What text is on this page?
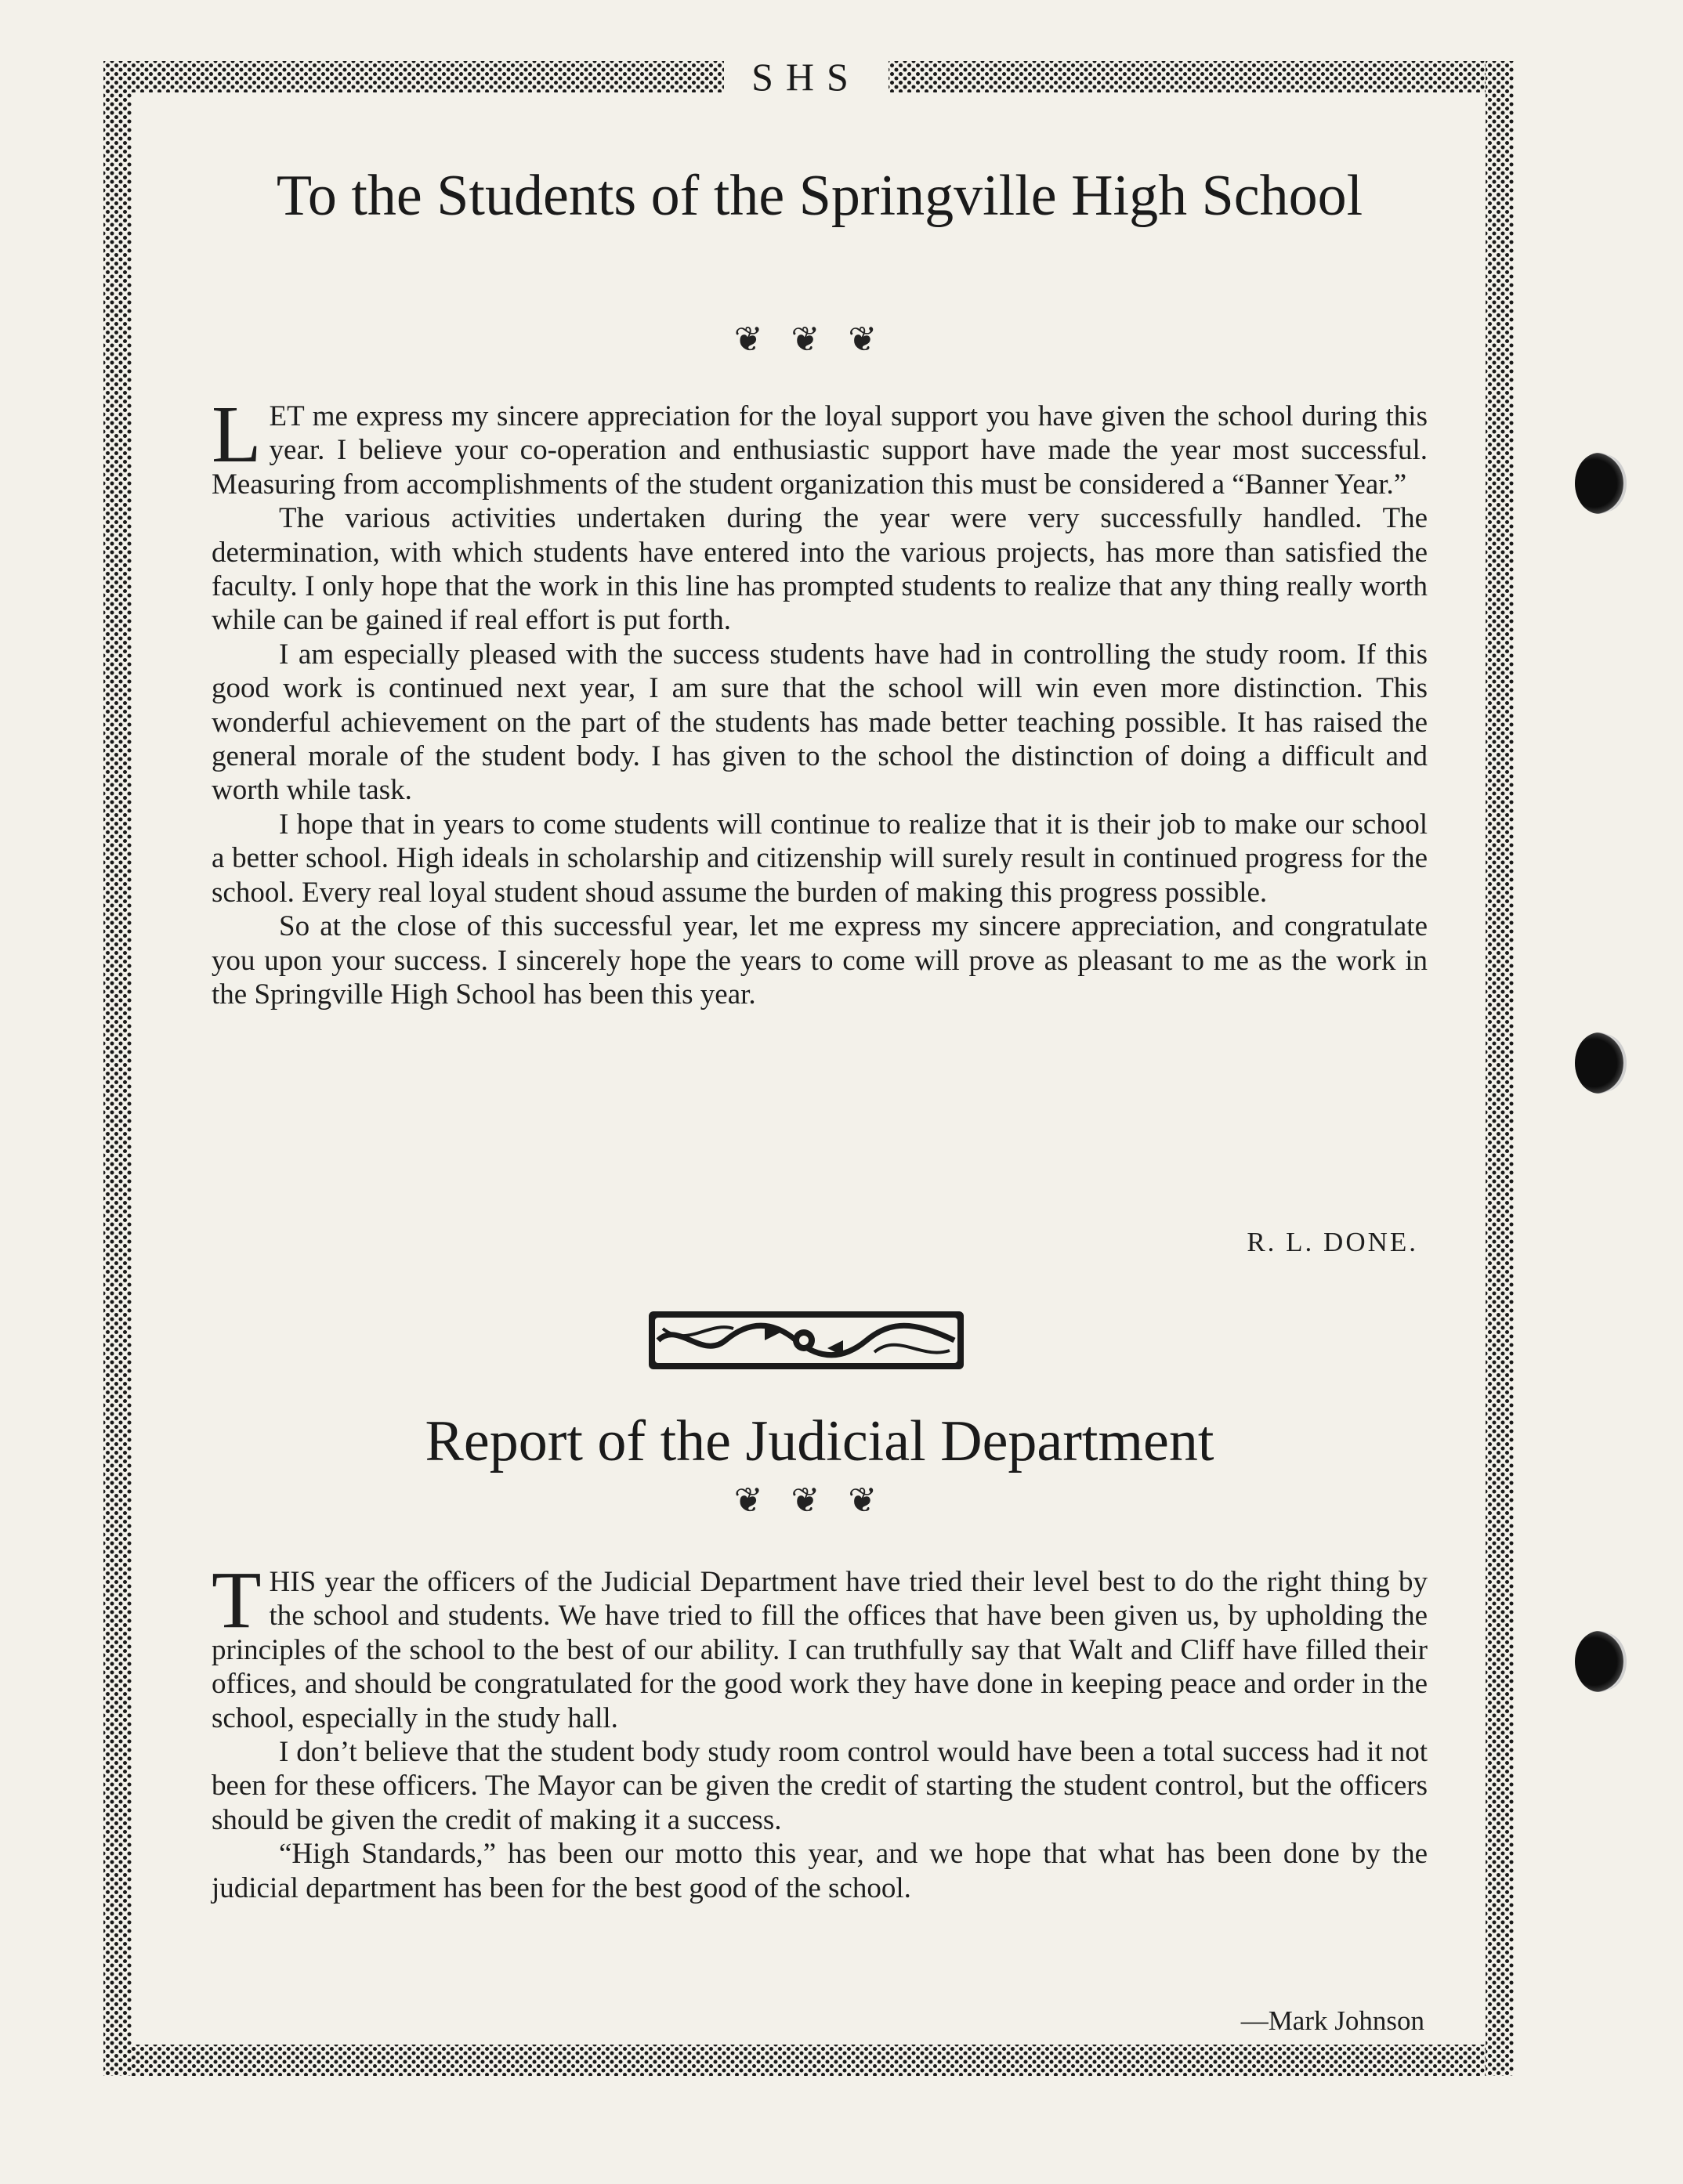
SHS
To the Students of the Springville High School
❦❦❦

LET me express my sincere appreciation for the loyal support you have given the school during this year. I believe your co-operation and enthusiastic support have made the year most successful. Measuring from accomplishments of the student organization this must be considered a “Banner Year.”

The various activities undertaken during the year were very successfully handled. The determination, with which students have entered into the various projects, has more than satisfied the faculty. I only hope that the work in this line has prompted students to realize that any thing really worth while can be gained if real effort is put forth.

I am especially pleased with the success students have had in controlling the study room. If this good work is continued next year, I am sure that the school will win even more distinction. This wonderful achievement on the part of the students has made better teaching possible. It has raised the general morale of the student body. I has given to the school the distinction of doing a difficult and worth while task.

I hope that in years to come students will continue to realize that it is their job to make our school a better school. High ideals in scholarship and citizenship will surely result in continued progress for the school. Every real loyal student shoud assume the burden of making this progress possible.

So at the close of this successful year, let me express my sincere appreciation, and congratulate you upon your success. I sincerely hope the years to come will prove as pleasant to me as the work in the Springville High School has been this year.

R. L. DONE.
Report of the Judicial Department
❦❦❦

THIS year the officers of the Judicial Department have tried their level best to do the right thing by the school and students. We have tried to fill the offices that have been given us, by upholding the principles of the school to the best of our ability. I can truthfully say that Walt and Cliff have filled their offices, and should be congratulated for the good work they have done in keeping peace and order in the school, especially in the study hall.

I don’t believe that the student body study room control would have been a total success had it not been for these officers. The Mayor can be given the credit of starting the student control, but the officers should be given the credit of making it a success.

“High Standards,” has been our motto this year, and we hope that what has been done by the judicial department has been for the best good of the school.

—Mark Johnson
